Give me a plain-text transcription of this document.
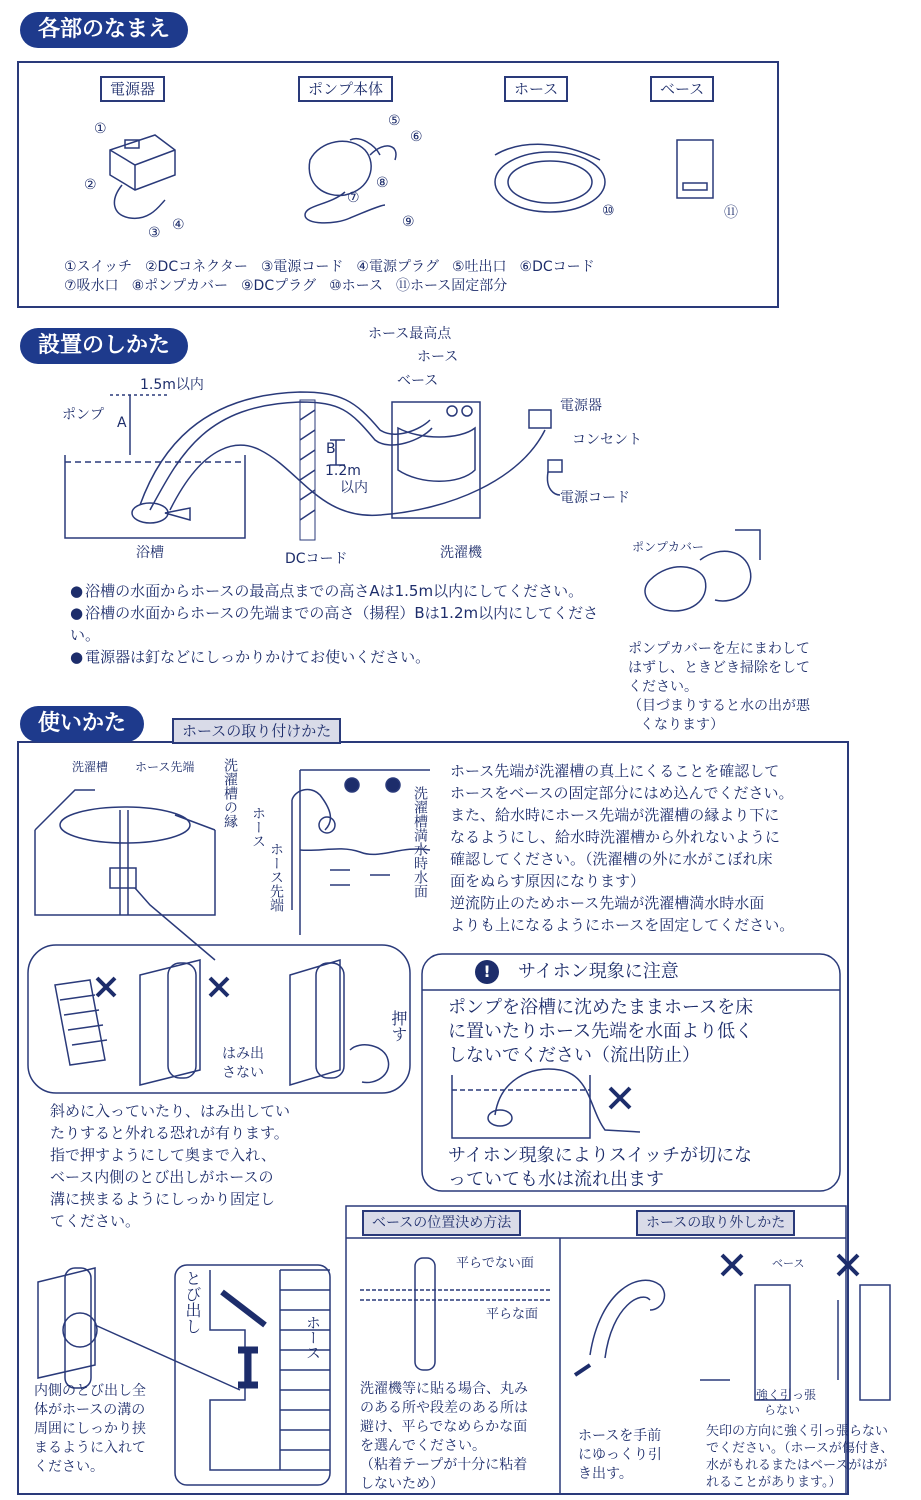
各部のなまえ
設置のしかた
使いかた
電源器	ポンプ本体	ホース	ベース
①
②
③ ④
⑤
⑥
⑦
⑧
⑨
⑩	⑪
①スイッチ ②DCコネクター ③電源コード ④電源プラグ ⑤吐出口 ⑥DCコード
⑦吸水口 ⑧ポンプカバー ⑨DCプラグ ⑩ホース ⑪ホース固定部分
ホース最高点
ホース
ベース
電源器
コンセント
電源コード
ポンプ
1.5m以内
A
B
1.2m
以内
浴槽	DCコード	洗濯機
● 浴槽の水面からホースの最高点までの高さAは1.5m以内にしてください。
● 浴槽の水面からホースの先端までの高さ（揚程）Bは1.2m以内にしてください。
● 電源器は釘などにしっかりかけてお使いください。
ポンプカバー
ポンプカバーを左にまわして
はずし、ときどき掃除をして
ください。
（目づまりすると水の出が悪
くなります）
ホースの取り付けかた
洗濯槽 ホース先端 洗濯槽の縁 ホース
ホース先端	洗濯槽満水時水面
ホース先端が洗濯槽の真上にくることを確認して
ホースをベースの固定部分にはめ込んでください。
また、給水時にホース先端が洗濯槽の縁より下に
なるようにし、給水時洗濯槽から外れないように
確認してください。（洗濯槽の外に水がこぼれ床
面をぬらす原因になります）
逆流防止のためホース先端が洗濯槽満水時水面
よりも上になるようにホースを固定してください。
はみ出
さない
押す
斜めに入っていたり、はみ出してい
たりすると外れる恐れが有ります。
指で押すようにして奥まで入れ、
ベース内側のとび出しがホースの
溝に挟まるようにしっかり固定し
てください。
!	サイホン現象に注意
ポンプを浴槽に沈めたままホースを床
に置いたりホース先端を水面より低く
しないでください（流出防止）
サイホン現象によりスイッチが切にな
っていても水は流れ出ます
とび出し
ホース
内側のとび出し全
体がホースの溝の
周囲にしっかり挟
まるように入れて
ください。
ベースの位置決め方法
平らでない面
平らな面
洗濯機等に貼る場合、丸み
のある所や段差のある所は
避け、平らでなめらかな面
を選んでください。
（粘着テープが十分に粘着
しないため）
ホースの取り外しかた
ベース
強く引っ張
らない
ホースを手前
にゆっくり引
き出す。
矢印の方向に強く引っ張らない
でください。（ホースが傷付き、
水がもれるまたはベースがはが
れることがあります。）
